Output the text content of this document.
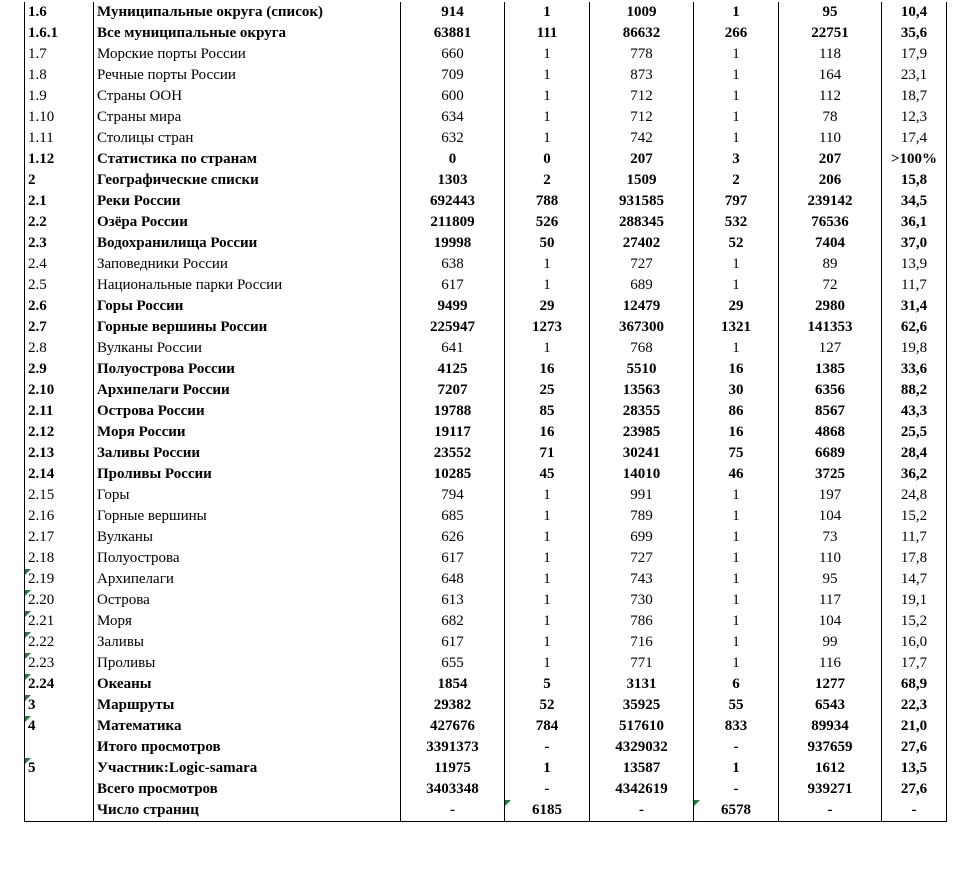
1.6	Муниципальные округа (список)	914	1	1009	1	95	10,4
1.6.1	Все муниципальные округа	63881	111	86632	266	22751	35,6
1.7	Морские порты России	660	1	778	1	118	17,9
1.8	Речные порты России	709	1	873	1	164	23,1
1.9	Страны ООН	600	1	712	1	112	18,7
1.10	Страны мира	634	1	712	1	78	12,3
1.11	Столицы стран	632	1	742	1	110	17,4
1.12	Статистика по странам	0	0	207	3	207	>100%
2	Географические списки	1303	2	1509	2	206	15,8
2.1	Реки России	692443	788	931585	797	239142	34,5
2.2	Озёра России	211809	526	288345	532	76536	36,1
2.3	Водохранилища России	19998	50	27402	52	7404	37,0
2.4	Заповедники России	638	1	727	1	89	13,9
2.5	Национальные парки России	617	1	689	1	72	11,7
2.6	Горы России	9499	29	12479	29	2980	31,4
2.7	Горные вершины России	225947	1273	367300	1321	141353	62,6
2.8	Вулканы России	641	1	768	1	127	19,8
2.9	Полуострова России	4125	16	5510	16	1385	33,6
2.10	Архипелаги России	7207	25	13563	30	6356	88,2
2.11	Острова России	19788	85	28355	86	8567	43,3
2.12	Моря России	19117	16	23985	16	4868	25,5
2.13	Заливы России	23552	71	30241	75	6689	28,4
2.14	Проливы России	10285	45	14010	46	3725	36,2
2.15	Горы	794	1	991	1	197	24,8
2.16	Горные вершины	685	1	789	1	104	15,2
2.17	Вулканы	626	1	699	1	73	11,7
2.18	Полуострова	617	1	727	1	110	17,8

2.19	Архипелаги	648	1	743	1	95	14,7

2.20	Острова	613	1	730	1	117	19,1

2.21	Моря	682	1	786	1	104	15,2

2.22	Заливы	617	1	716	1	99	16,0

2.23	Проливы	655	1	771	1	116	17,7

2.24	Океаны	1854	5	3131	6	1277	68,9

3	Маршруты	29382	52	35925	55	6543	22,3

4	Математика	427676	784	517610	833	89934	21,0
	Итого просмотров	3391373	-	4329032	-	937659	27,6

5	Участник:Logic-samara	11975	1	13587	1	1612	13,5
	Всего просмотров	3403348	-	4342619	-	939271	27,6
	Число страниц	-	6185	-	6578	-	-
